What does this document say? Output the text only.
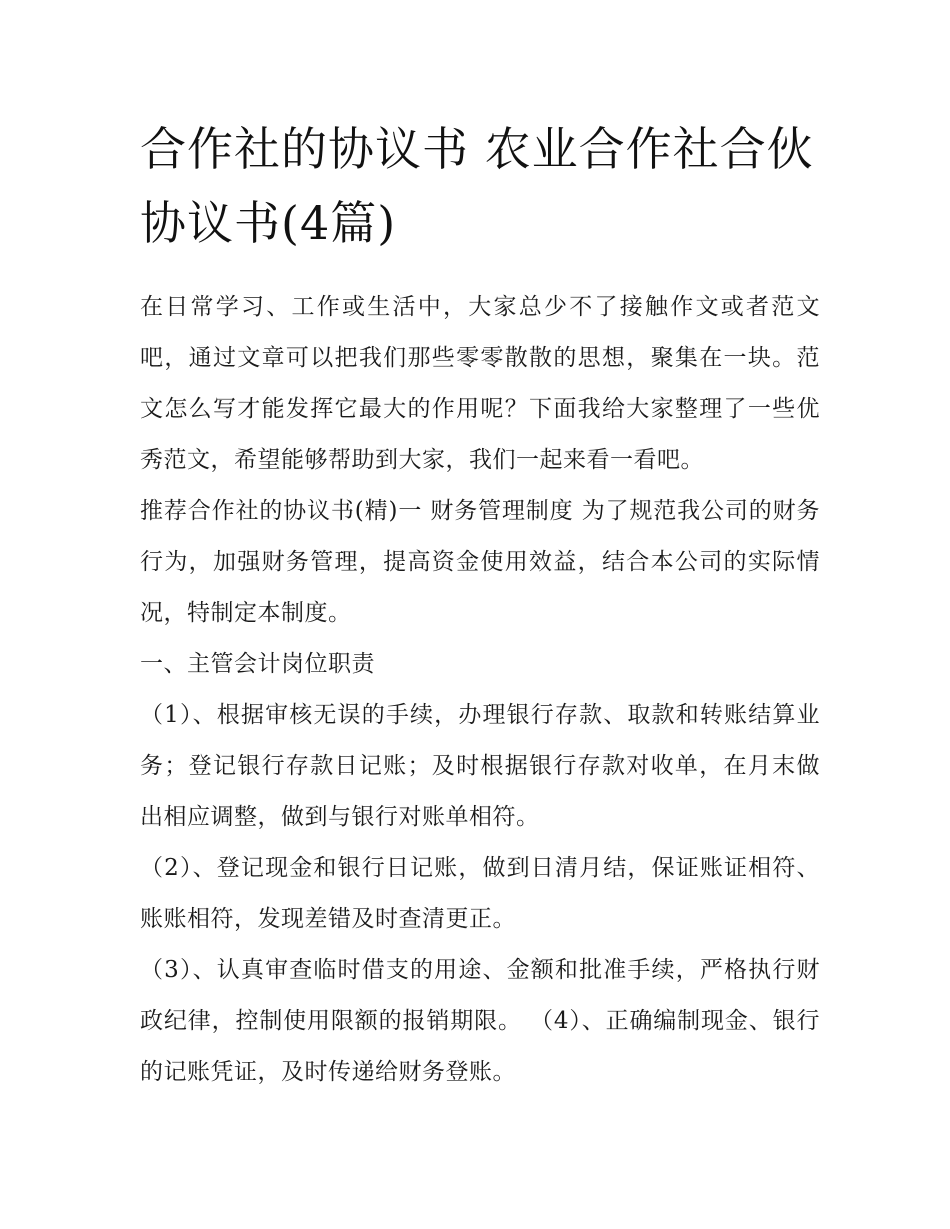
合作社的协议书 农业合作社合伙协议书(4篇)

在日常学习、工作或生活中，大家总少不了接触作文或者范文吧，通过文章可以把我们那些零零散散的思想，聚集在一块。范文怎么写才能发挥它最大的作用呢？下面我给大家整理了一些优秀范文，希望能够帮助到大家，我们一起来看一看吧。

推荐合作社的协议书(精)一 财务管理制度 为了规范我公司的财务行为，加强财务管理，提高资金使用效益，结合本公司的实际情况，特制定本制度。

一、主管会计岗位职责

（1）、根据审核无误的手续，办理银行存款、取款和转账结算业务；登记银行存款日记账；及时根据银行存款对收单，在月末做出相应调整，做到与银行对账单相符。

（2）、登记现金和银行日记账，做到日清月结，保证账证相符、账账相符，发现差错及时查清更正。

（3）、认真审查临时借支的用途、金额和批准手续，严格执行财政纪律，控制使用限额的报销期限。 （4）、正确编制现金、银行的记账凭证，及时传递给财务登账。
